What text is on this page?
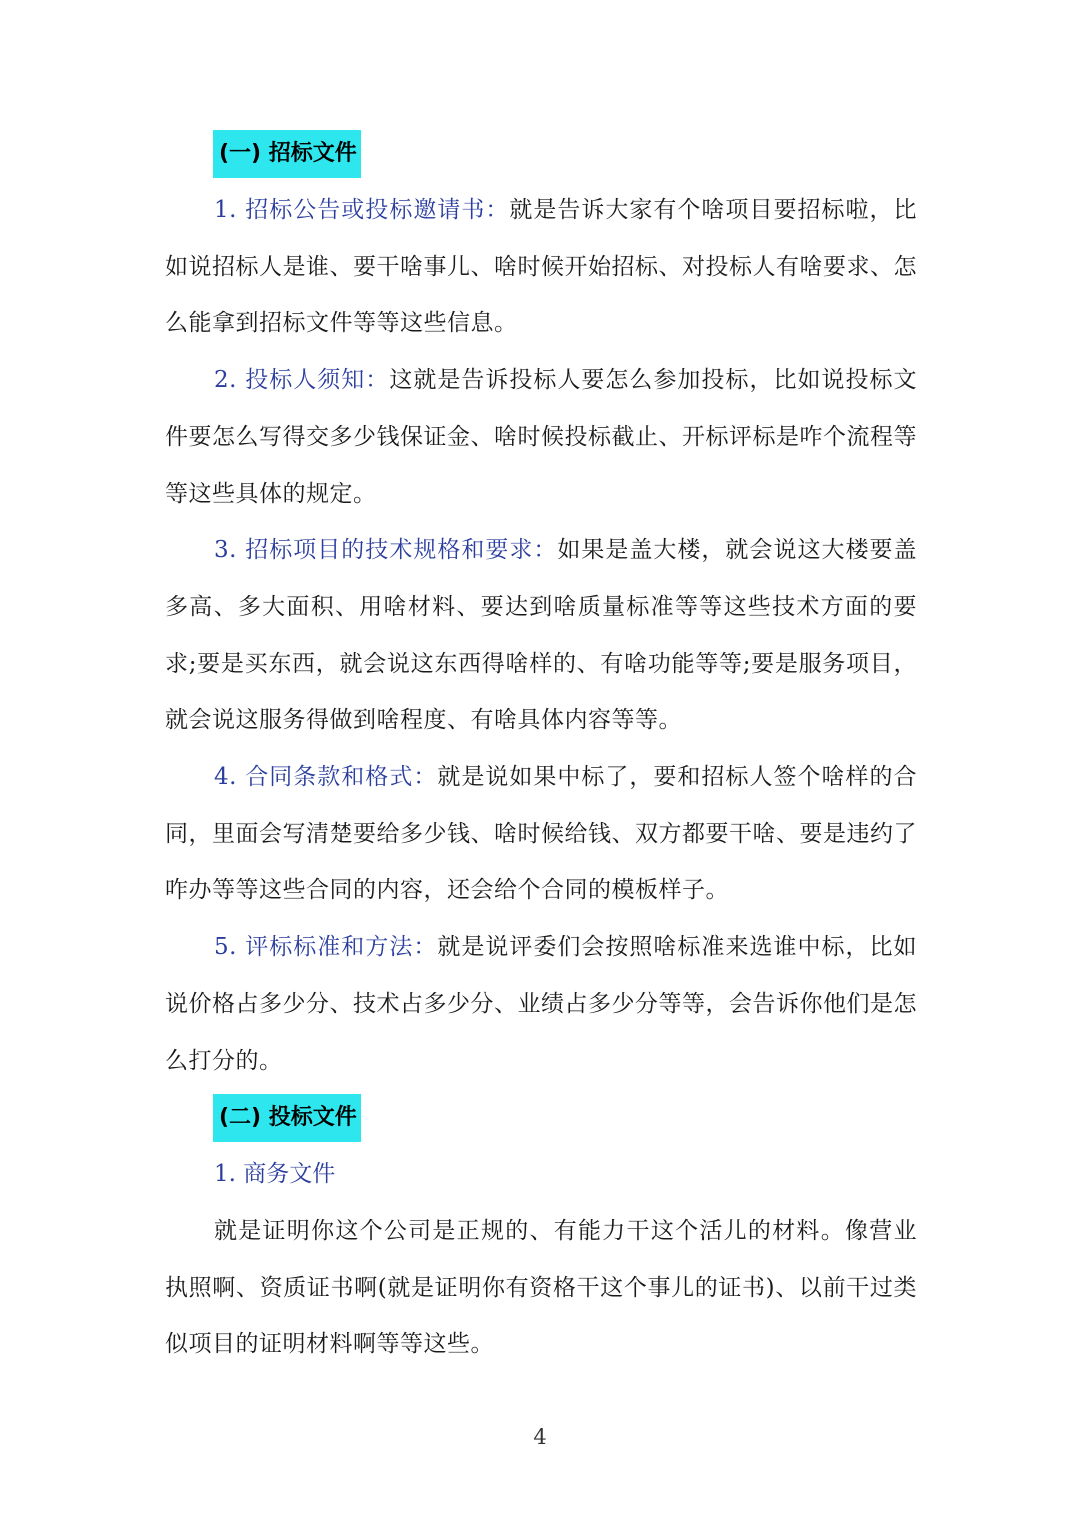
(一) 招标文件

1. 招标公告或投标邀请书：就是告诉大家有个啥项目要招标啦，比如说招标人是谁、要干啥事儿、啥时候开始招标、对投标人有啥要求、怎么能拿到招标文件等等这些信息。

2. 投标人须知：这就是告诉投标人要怎么参加投标，比如说投标文件要怎么写得交多少钱保证金、啥时候投标截止、开标评标是咋个流程等等这些具体的规定。

3. 招标项目的技术规格和要求：如果是盖大楼，就会说这大楼要盖多高、多大面积、用啥材料、要达到啥质量标准等等这些技术方面的要求;要是买东西，就会说这东西得啥样的、有啥功能等等;要是服务项目，就会说这服务得做到啥程度、有啥具体内容等等。

4. 合同条款和格式：就是说如果中标了，要和招标人签个啥样的合同，里面会写清楚要给多少钱、啥时候给钱、双方都要干啥、要是违约了咋办等等这些合同的内容，还会给个合同的模板样子。

5. 评标标准和方法：就是说评委们会按照啥标准来选谁中标，比如说价格占多少分、技术占多少分、业绩占多少分等等，会告诉你他们是怎么打分的。

(二) 投标文件

1. 商务文件

就是证明你这个公司是正规的、有能力干这个活儿的材料。像营业执照啊、资质证书啊(就是证明你有资格干这个事儿的证书)、以前干过类似项目的证明材料啊等等这些。

4
